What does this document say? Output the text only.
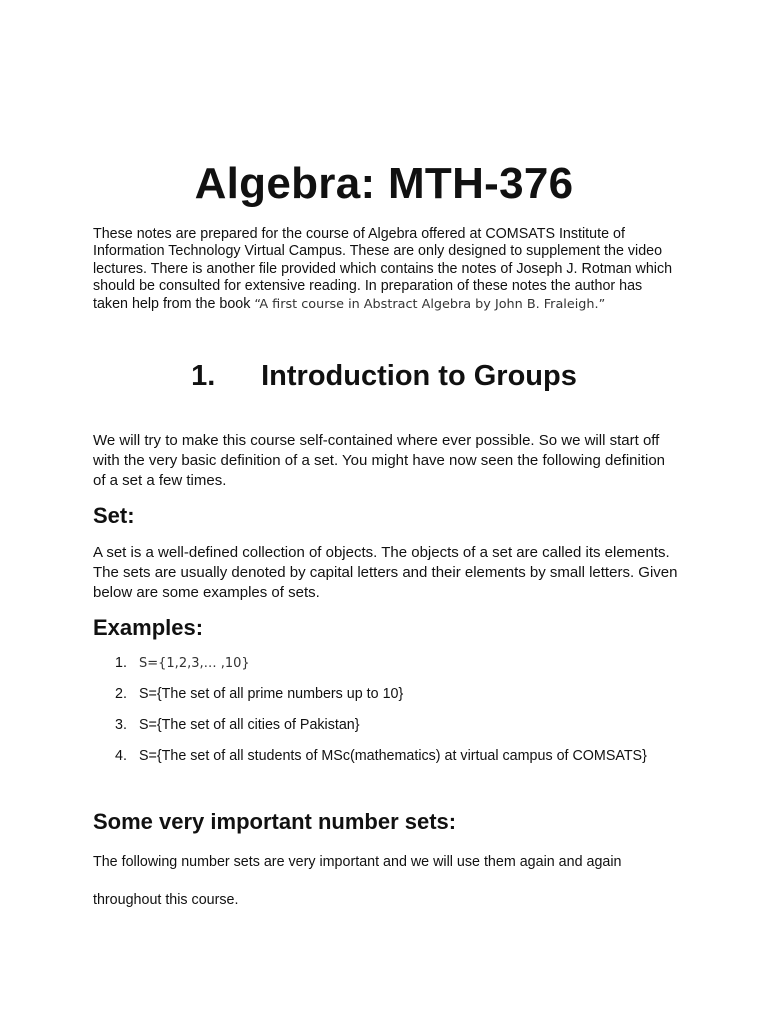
Algebra: MTH-376

These notes are prepared for the course of Algebra offered at COMSATS Institute of Information Technology Virtual Campus. These are only designed to supplement the video lectures. There is another file provided which contains the notes of Joseph J. Rotman which should be consulted for extensive reading. In preparation of these notes the author has taken help from the book “A first course in Abstract Algebra by John B. Fraleigh.”

1. Introduction to Groups

We will try to make this course self-contained where ever possible. So we will start off with the very basic definition of a set. You might have now seen the following definition of a set a few times.

Set:

A set is a well-defined collection of objects. The objects of a set are called its elements. The sets are usually denoted by capital letters and their elements by small letters. Given below are some examples of sets.

Examples:
1. S={1,2,3,… ,10}
2. S={The set of all prime numbers up to 10}
3. S={The set of all cities of Pakistan}
4. S={The set of all students of MSc(mathematics) at virtual campus of COMSATS}
Some very important number sets:

The following number sets are very important and we will use them again and again

throughout this course.
